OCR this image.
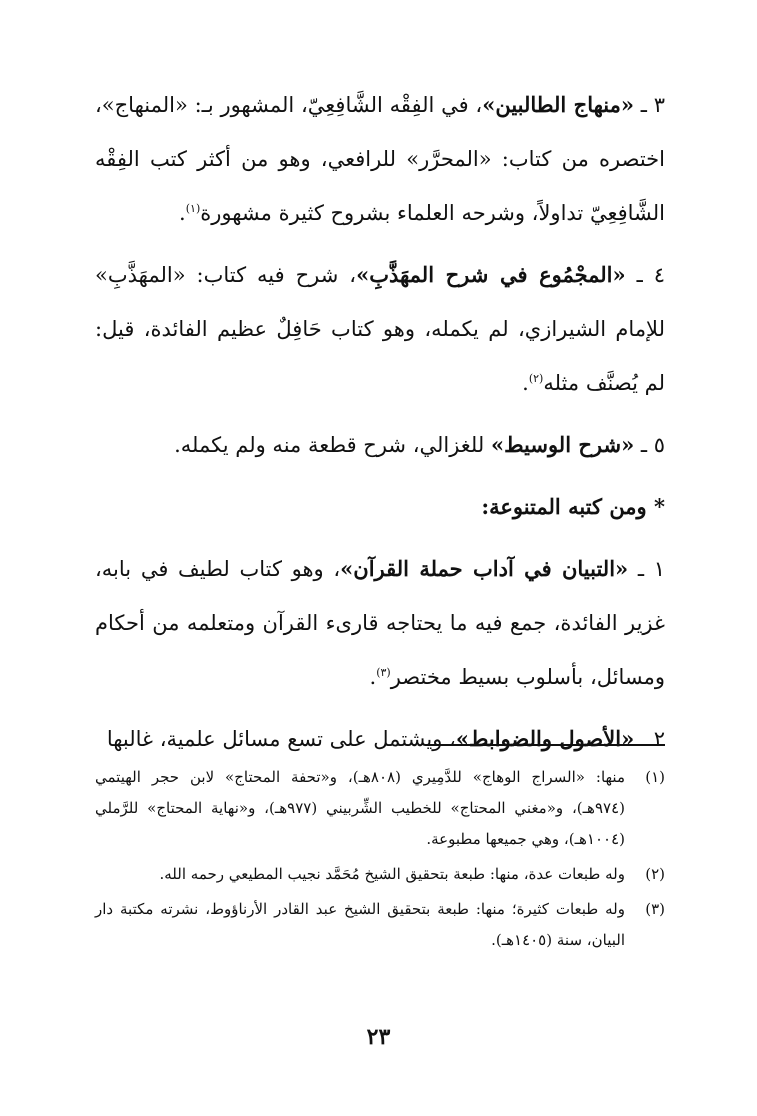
٣ ـ «منهاج الطالبين»، في الفِقْه الشَّافِعِيّ، المشهور بـ: «المنهاج»، اختصره من كتاب: «المحرَّر» للرافعي، وهو من أكثر كتب الفِقْه الشَّافِعِيّ تداولاً، وشرحه العلماء بشروح كثيرة مشهورة$^{(١)}$.

٤ ـ «المجْمُوع في شرح المهَذَّبِ»، شرح فيه كتاب: «المهَذَّبِ» للإمام الشيرازي، لم يكمله، وهو كتاب حَافِلٌ عظيم الفائدة، قيل: لم يُصنَّف مثله$^{(٢)}$.

٥ ـ «شرح الوسيط» للغزالي، شرح قطعة منه ولم يكمله.

* ومن كتبه المتنوعة:

١ ـ «التبيان في آداب حملة القرآن»، وهو كتاب لطيف في بابه، غزير الفائدة، جمع فيه ما يحتاجه قارىء القرآن ومتعلمه من أحكام ومسائل، بأسلوب بسيط مختصر$^{(٣)}$.

٢ ـ «الأصول والضوابط»، ويشتمل على تسع مسائل علمية، غالبها

(١)
منها: «السراج الوهاج» للدَّمِيري (٨٠٨هـ)، و«تحفة المحتاج» لابن حجر الهيتمي (٩٧٤هـ)، و«مغني المحتاج» للخطيب الشِّربيني (٩٧٧هـ)، و«نهاية المحتاج» للرَّملي (١٠٠٤هـ)، وهي جميعها مطبوعة.
(٢)
وله طبعات عدة، منها: طبعة بتحقيق الشيخ مُحَمَّد نجيب المطيعي رحمه الله.
(٣)
وله طبعات كثيرة؛ منها: طبعة بتحقيق الشيخ عبد القادر الأرناؤوط، نشرته مكتبة دار البيان، سنة (١٤٠٥هـ).
٢٣
